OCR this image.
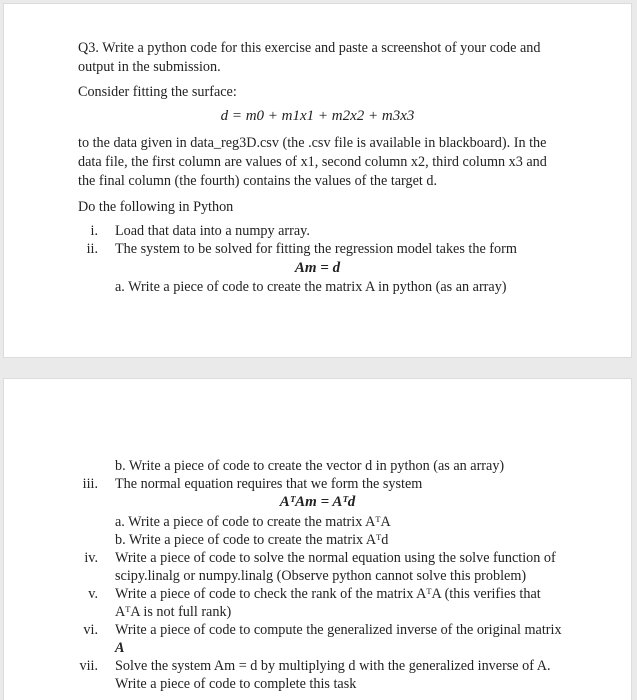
Q3. Write a python code for this exercise and paste a screenshot of your code and
output in the submission.
Consider fitting the surface:
d = m0 + m1x1 + m2x2 + m3x3
to the data given in data_reg3D.csv (the .csv file is available in blackboard). In the
data file, the first column are values of x1, second column x2, third column x3 and
the final column (the fourth) contains the values of the target d.
Do the following in Python
i. Load that data into a numpy array.
ii. The system to be solved for fitting the regression model takes the form
Am = d
a. Write a piece of code to create the matrix A in python (as an array)
b. Write a piece of code to create the vector d in python (as an array)
iii. The normal equation requires that we form the system
AᵀAm = Aᵀd
a. Write a piece of code to create the matrix AᵀA
b. Write a piece of code to create the matrix Aᵀd
iv. Write a piece of code to solve the normal equation using the solve function of
scipy.linalg or numpy.linalg (Observe python cannot solve this problem)
v. Write a piece of code to check the rank of the matrix AᵀA (this verifies that
AᵀA is not full rank)
vi. Write a piece of code to compute the generalized inverse of the original matrix
A
vii. Solve the system Am = d by multiplying d with the generalized inverse of A.
Write a piece of code to complete this task
